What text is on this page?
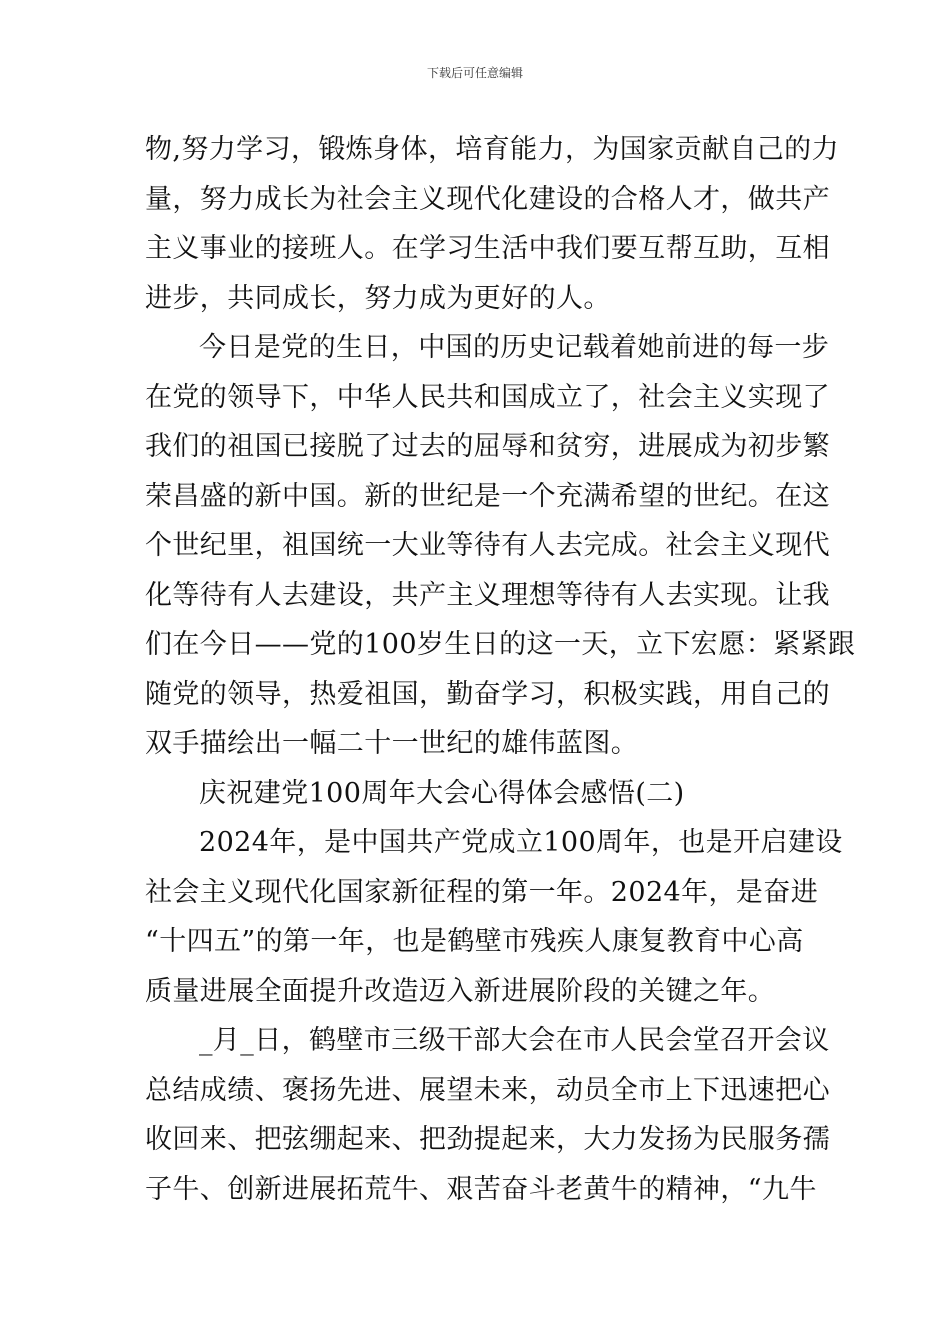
下载后可任意编辑
物,努力学习，锻炼身体，培育能力，为国家贡献自己的力
量，努力成长为社会主义现代化建设的合格人才，做共产
主义事业的接班人。在学习生活中我们要互帮互助，互相
进步，共同成长，努力成为更好的人。
今日是党的生日，中国的历史记载着她前进的每一步
在党的领导下，中华人民共和国成立了，社会主义实现了
我们的祖国已接脱了过去的屈辱和贫穷，进展成为初步繁
荣昌盛的新中国。新的世纪是一个充满希望的世纪。在这
个世纪里，祖国统一大业等待有人去完成。社会主义现代
化等待有人去建设，共产主义理想等待有人去实现。让我
们在今日——党的100岁生日的这一天，立下宏愿：紧紧跟
随党的领导，热爱祖国，勤奋学习，积极实践，用自己的
双手描绘出一幅二十一世纪的雄伟蓝图。
庆祝建党100周年大会心得体会感悟(二)
2024年，是中国共产党成立100周年，也是开启建设
社会主义现代化国家新征程的第一年。2024年，是奋进
“十四五”的第一年，也是鹤壁市残疾人康复教育中心高
质量进展全面提升改造迈入新进展阶段的关键之年。
_月_日，鹤壁市三级干部大会在市人民会堂召开会议
总结成绩、褒扬先进、展望未来，动员全市上下迅速把心
收回来、把弦绷起来、把劲提起来，大力发扬为民服务孺
子牛、创新进展拓荒牛、艰苦奋斗老黄牛的精神，“九牛
